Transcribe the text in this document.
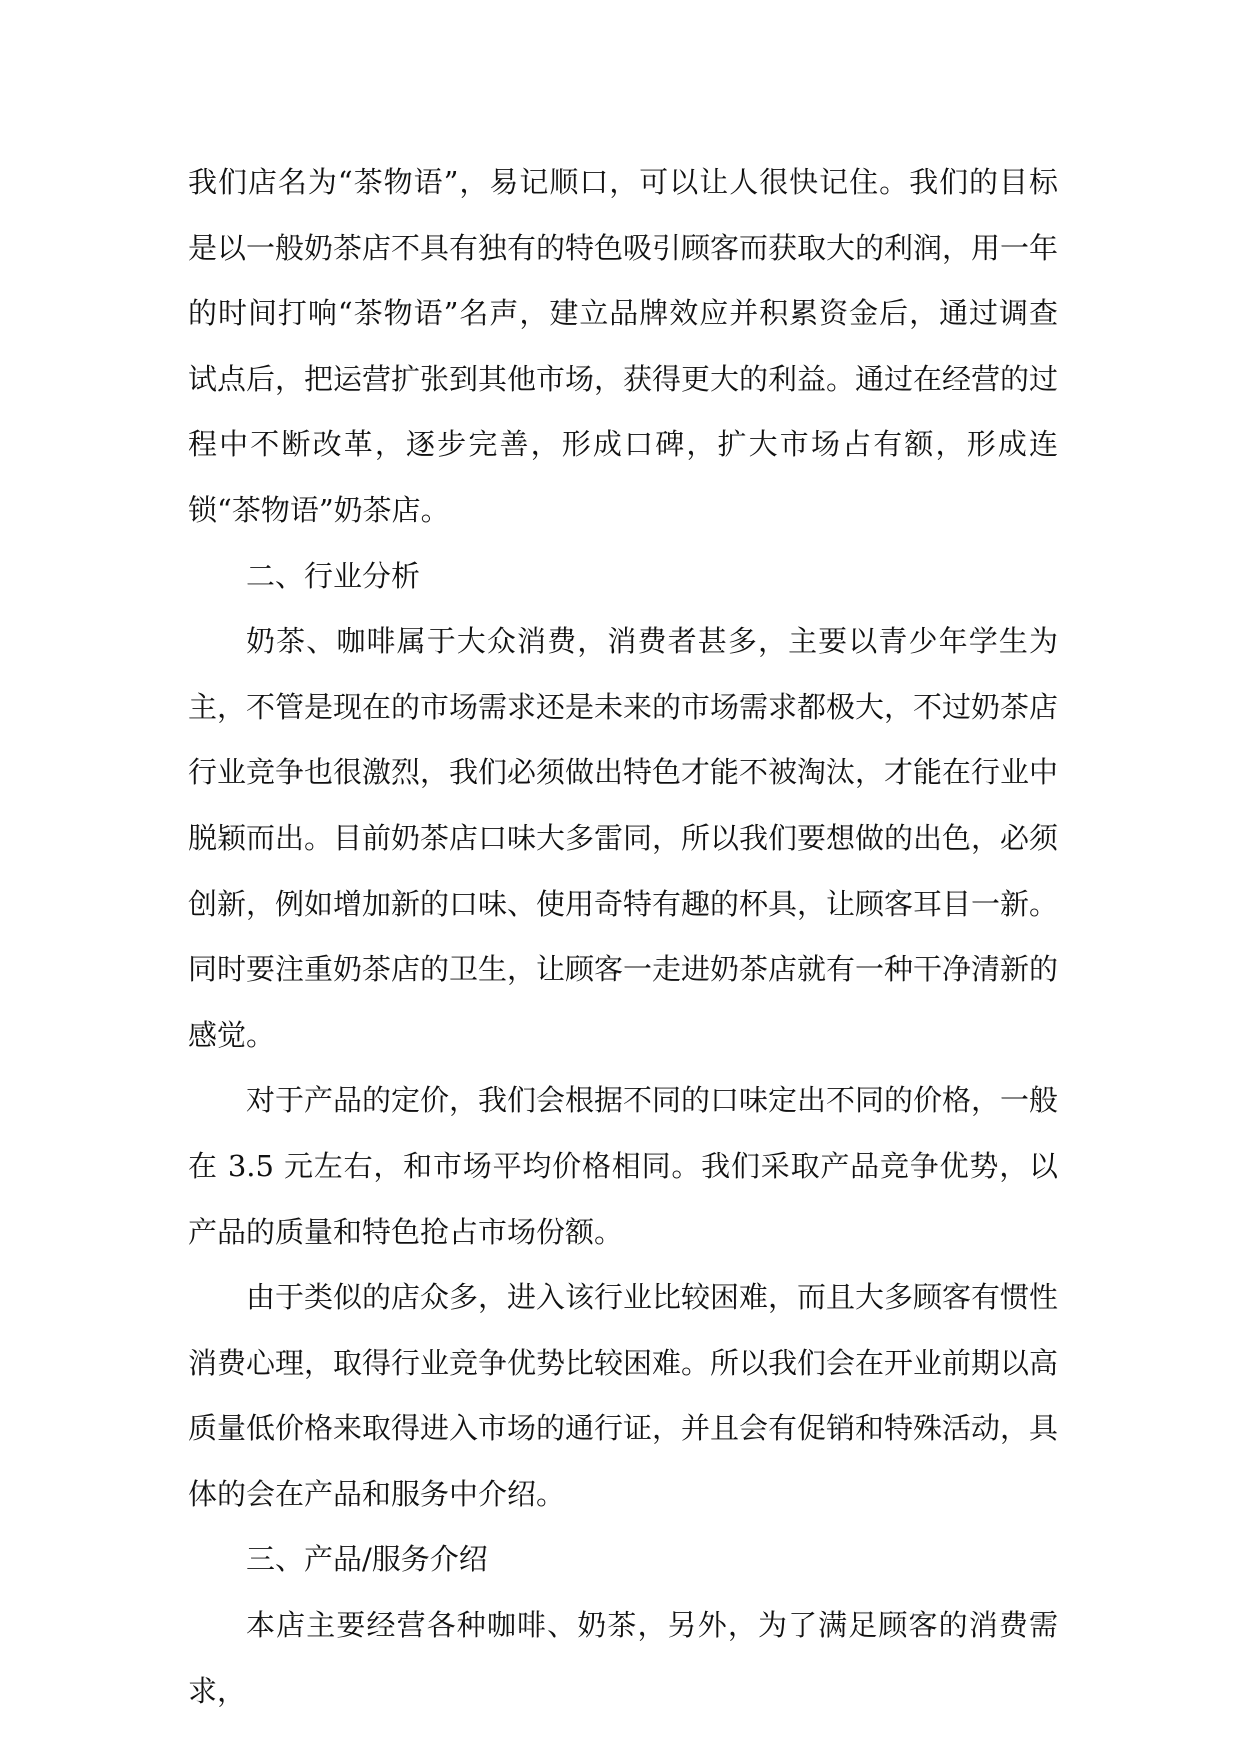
我们店名为“茶物语”，易记顺口，可以让人很快记住。我们的目标是以一般奶茶店不具有独有的特色吸引顾客而获取大的利润，用一年的时间打响“茶物语”名声，建立品牌效应并积累资金后，通过调查试点后，把运营扩张到其他市场，获得更大的利益。通过在经营的过程中不断改革，逐步完善，形成口碑，扩大市场占有额，形成连锁“茶物语”奶茶店。

二、行业分析

奶茶、咖啡属于大众消费，消费者甚多，主要以青少年学生为主，不管是现在的市场需求还是未来的市场需求都极大，不过奶茶店行业竞争也很激烈，我们必须做出特色才能不被淘汰，才能在行业中脱颖而出。目前奶茶店口味大多雷同，所以我们要想做的出色，必须创新，例如增加新的口味、使用奇特有趣的杯具，让顾客耳目一新。同时要注重奶茶店的卫生，让顾客一走进奶茶店就有一种干净清新的感觉。

对于产品的定价，我们会根据不同的口味定出不同的价格，一般在 3.5 元左右，和市场平均价格相同。我们采取产品竞争优势，以产品的质量和特色抢占市场份额。

由于类似的店众多，进入该行业比较困难，而且大多顾客有惯性消费心理，取得行业竞争优势比较困难。所以我们会在开业前期以高质量低价格来取得进入市场的通行证，并且会有促销和特殊活动，具体的会在产品和服务中介绍。

三、产品/服务介绍

本店主要经营各种咖啡、奶茶，另外，为了满足顾客的消费需求，
